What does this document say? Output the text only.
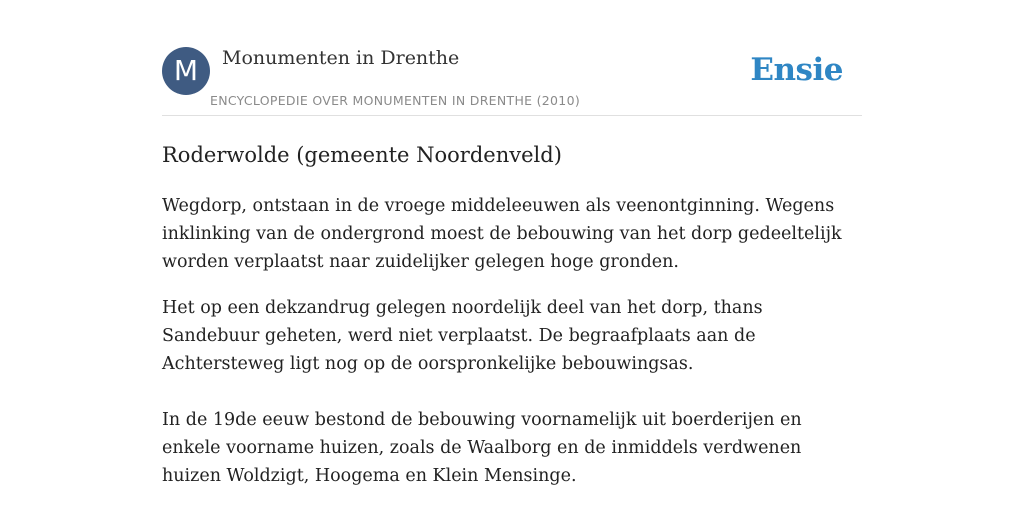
M	Monumenten in Drenthe
ENCYCLOPEDIE OVER MONUMENTEN IN DRENTHE (2010)
Ensie
Roderwolde (gemeente Noordenveld)

Wegdorp, ontstaan in de vroege middeleeuwen als veenontginning. Wegens inklinking van de ondergrond moest de bebouwing van het dorp gedeeltelijk worden verplaatst naar zuidelijker gelegen hoge gronden.

Het op een dekzandrug gelegen noordelijk deel van het dorp, thans Sandebuur geheten, werd niet verplaatst. De begraafplaats aan de Achtersteweg ligt nog op de oorspronkelijke bebouwingsas.

In de 19de eeuw bestond de bebouwing voornamelijk uit boerderijen en enkele voorname huizen, zoals de Waalborg en de inmiddels verdwenen huizen Woldzigt, Hoogema en Klein Mensinge.
